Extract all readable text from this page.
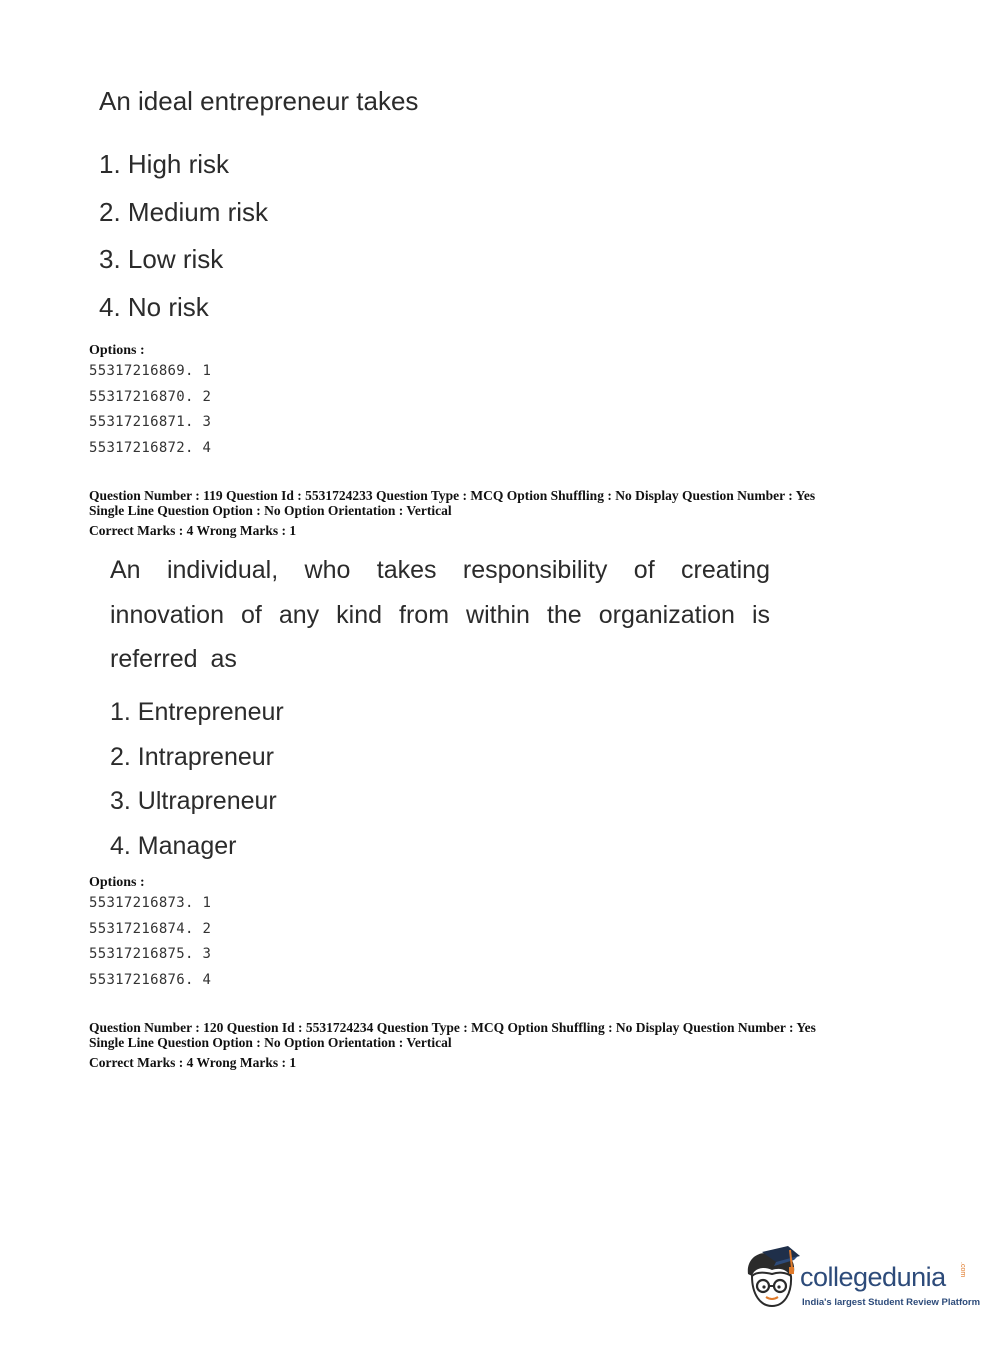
An ideal entrepreneur takes
1. High risk
2. Medium risk
3. Low risk
4. No risk
Options :
55317216869. 1
55317216870. 2
55317216871. 3
55317216872. 4
Question Number : 119 Question Id : 5531724233 Question Type : MCQ Option Shuffling : No Display Question Number : Yes
Single Line Question Option : No Option Orientation : Vertical
Correct Marks : 4 Wrong Marks : 1
An individual, who takes responsibility of creating innovation of any kind from within the organization is referred as
1. Entrepreneur
2. Intrapreneur
3. Ultrapreneur
4. Manager
Options :
55317216873. 1
55317216874. 2
55317216875. 3
55317216876. 4
Question Number : 120 Question Id : 5531724234 Question Type : MCQ Option Shuffling : No Display Question Number : Yes
Single Line Question Option : No Option Orientation : Vertical
Correct Marks : 4 Wrong Marks : 1
collegedunia .com
India's largest Student Review Platform
